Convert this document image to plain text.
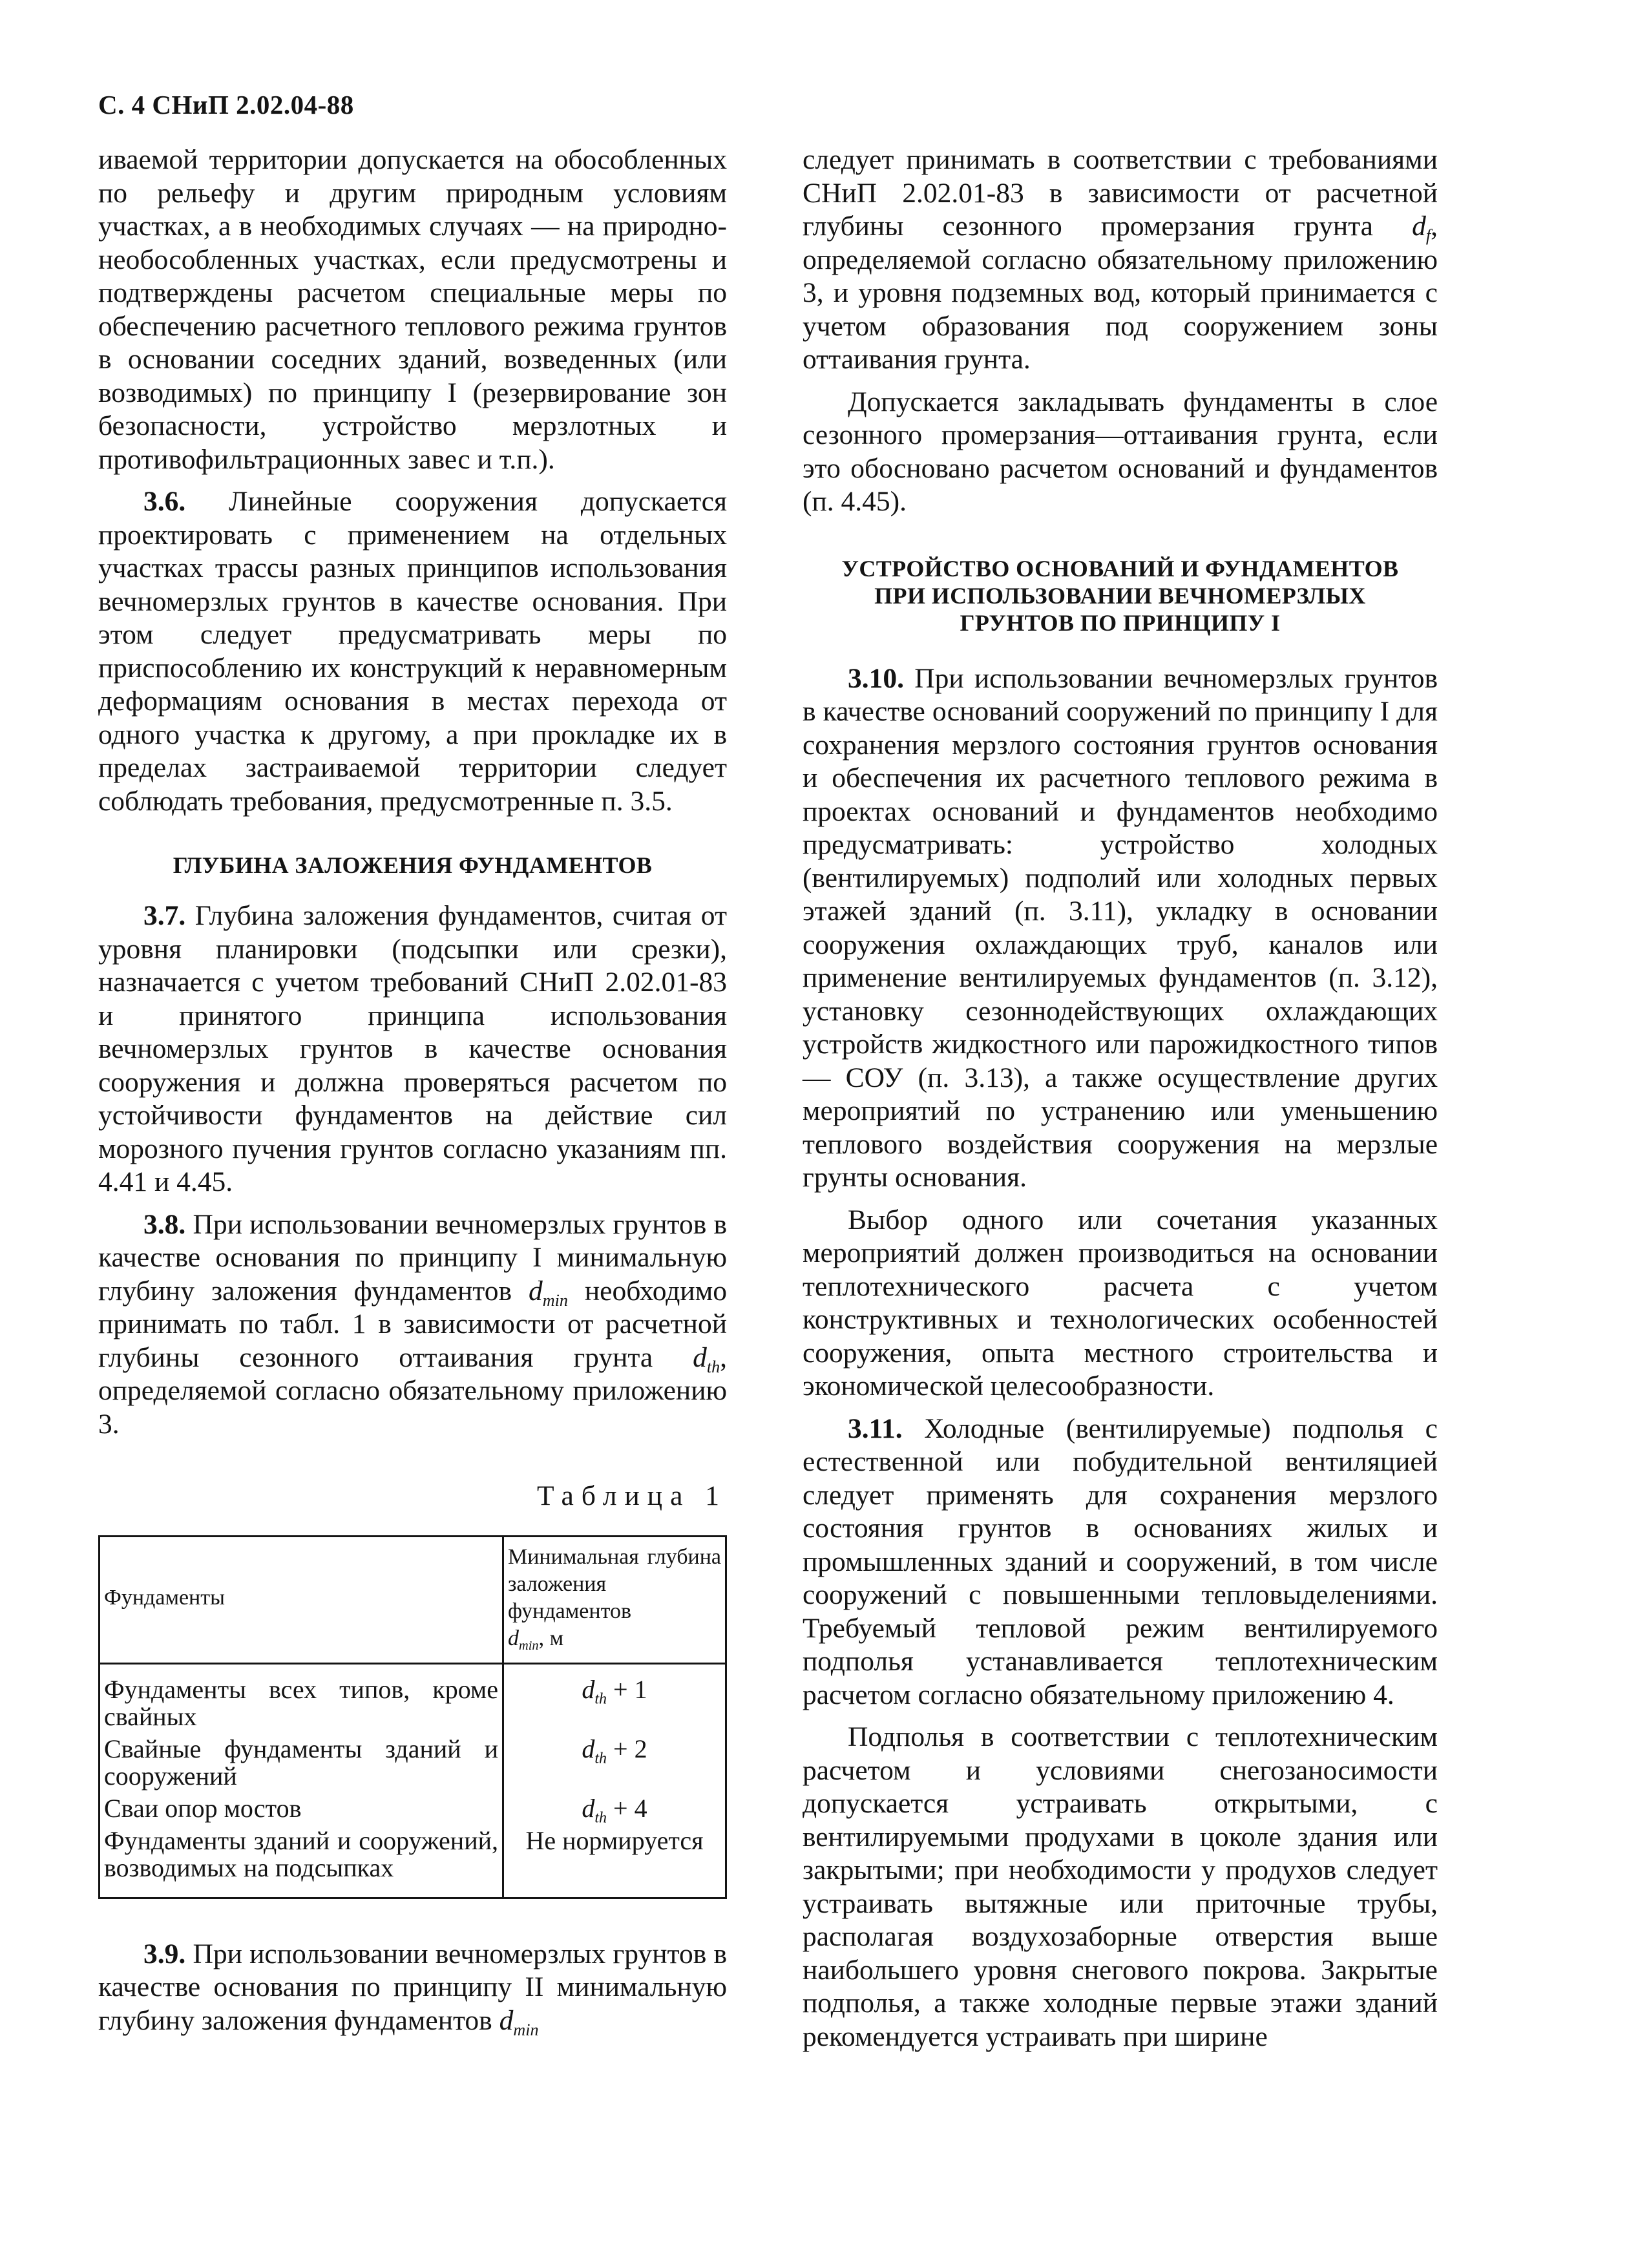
С. 4 СНиП 2.02.04-88

иваемой территории допускается на обособленных по рельефу и другим природным условиям участках, а в необходимых случаях — на природно-необособленных участках, если предусмотрены и подтверждены расчетом специальные меры по обеспечению расчетного теплового режима грунтов в основании соседних зданий, возведенных (или возводимых) по принципу I (резервирование зон безопасности, устройство мерзлотных и противофильтрационных завес и т.п.).

3.6. Линейные сооружения допускается проектировать с применением на отдельных участках трассы разных принципов использования вечномерзлых грунтов в качестве основания. При этом следует предусматривать меры по приспособлению их конструкций к неравномерным деформациям основания в местах перехода от одного участка к другому, а при прокладке их в пределах застраиваемой территории следует соблюдать требования, предусмотренные п. 3.5.

ГЛУБИНА ЗАЛОЖЕНИЯ ФУНДАМЕНТОВ

3.7. Глубина заложения фундаментов, считая от уровня планировки (подсыпки или срезки), назначается с учетом требований СНиП 2.02.01-83 и принятого принципа использования вечномерзлых грунтов в качестве основания сооружения и должна проверяться расчетом по устойчивости фундаментов на действие сил морозного пучения грунтов согласно указаниям пп. 4.41 и 4.45.

3.8. При использовании вечномерзлых грунтов в качестве основания по принципу I минимальную глубину заложения фундаментов $d_{min}$ необходимо принимать по табл. 1 в зависимости от расчетной глубины сезонного оттаивания грунта $d_{th}$, определяемой согласно обязательному приложению 3.

Таблица 1
Фундаменты	Минимальная глубина заложения фундаментов
$d_{min}$, м
Фундаменты всех типов, кроме свайных	$d_{th} + 1$
Свайные фундаменты зданий и сооружений	$d_{th} + 2$
Сваи опор мостов	$d_{th} + 4$
Фундаменты зданий и сооружений, возводимых на подсыпках	Не нормируется

3.9. При использовании вечномерзлых грунтов в качестве основания по принципу II минимальную глубину заложения фундаментов $d_{min}$

следует принимать в соответствии с требованиями СНиП 2.02.01-83 в зависимости от расчетной глубины сезонного промерзания грунта $d_f$, определяемой согласно обязательному приложению 3, и уровня подземных вод, который принимается с учетом образования под сооружением зоны оттаивания грунта.

Допускается закладывать фундаменты в слое сезонного промерзания—оттаивания грунта, если это обосновано расчетом оснований и фундаментов (п. 4.45).

УСТРОЙСТВО ОСНОВАНИЙ И ФУНДАМЕНТОВ
ПРИ ИСПОЛЬЗОВАНИИ ВЕЧНОМЕРЗЛЫХ
ГРУНТОВ ПО ПРИНЦИПУ I

3.10. При использовании вечномерзлых грунтов в качестве оснований сооружений по принципу I для сохранения мерзлого состояния грунтов основания и обеспечения их расчетного теплового режима в проектах оснований и фундаментов необходимо предусматривать: устройство холодных (вентилируемых) подполий или холодных первых этажей зданий (п. 3.11), укладку в основании сооружения охлаждающих труб, каналов или применение вентилируемых фундаментов (п. 3.12), установку сезоннодействующих охлаждающих устройств жидкостного или парожидкостного типов — СОУ (п. 3.13), а также осуществление других мероприятий по устранению или уменьшению теплового воздействия сооружения на мерзлые грунты основания.

Выбор одного или сочетания указанных мероприятий должен производиться на основании теплотехнического расчета с учетом конструктивных и технологических особенностей сооружения, опыта местного строительства и экономической целесообразности.

3.11. Холодные (вентилируемые) подполья с естественной или побудительной вентиляцией следует применять для сохранения мерзлого состояния грунтов в основаниях жилых и промышленных зданий и сооружений, в том числе сооружений с повышенными тепловыделениями. Требуемый тепловой режим вентилируемого подполья устанавливается теплотехническим расчетом согласно обязательному приложению 4.

Подполья в соответствии с теплотехническим расчетом и условиями снегозаносимости допускается устраивать открытыми, с вентилируемыми продухами в цоколе здания или закрытыми; при необходимости у продухов следует устраивать вытяжные или приточные трубы, располагая воздухозаборные отверстия выше наибольшего уровня снегового покрова. Закрытые подполья, а также холодные первые этажи зданий рекомендуется устраивать при ширине
